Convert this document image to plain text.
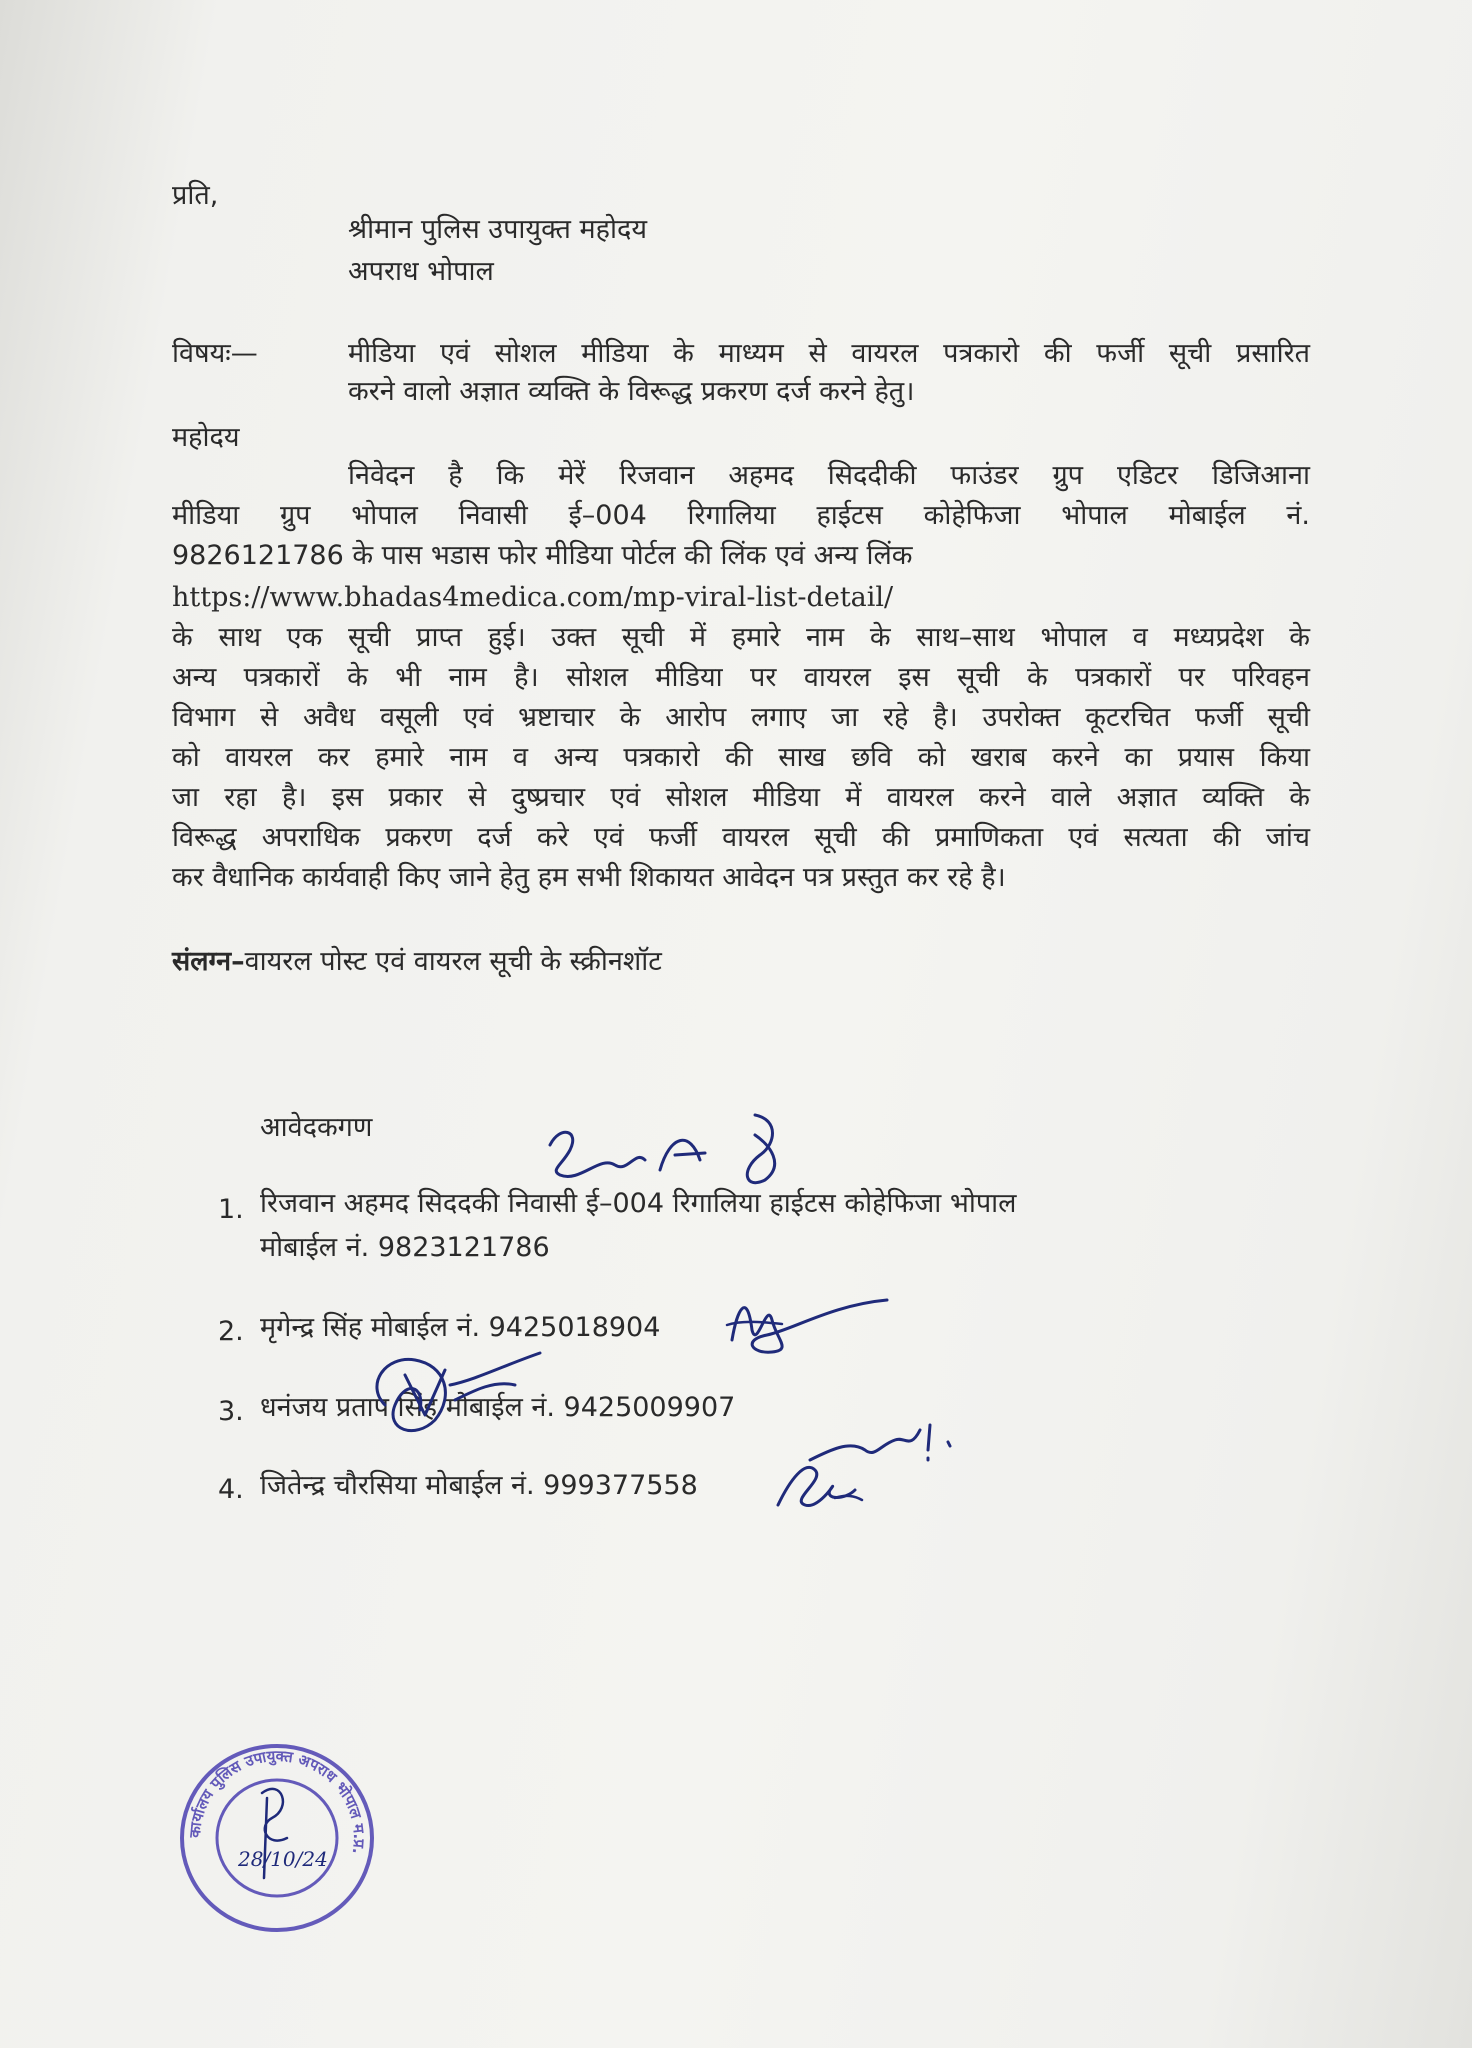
प्रति,
श्रीमान पुलिस उपायुक्त महोदय
अपराध भोपाल
विषयः—	मीडिया एवं सोशल मीडिया के माध्यम से वायरल पत्रकारो की फर्जी सूची प्रसारित
करने वालो अज्ञात व्यक्ति के विरूद्ध प्रकरण दर्ज करने हेतु।
महोदय
निवेदन है कि मेरें रिजवान अहमद सिददीकी फाउंडर ग्रुप एडिटर डिजिआना
मीडिया ग्रुप भोपाल निवासी ई–004 रिगालिया हाईटस कोहेफिजा भोपाल मोबाईल नं.
9826121786 के पास भडास फोर मीडिया पोर्टल की लिंक एवं अन्य लिंक
https://www.bhadas4medica.com/mp-viral-list-detail/
के साथ एक सूची प्राप्त हुई। उक्त सूची में हमारे नाम के साथ–साथ भोपाल व मध्यप्रदेश के
अन्य पत्रकारों के भी नाम है। सोशल मीडिया पर वायरल इस सूची के पत्रकारों पर परिवहन
विभाग से अवैध वसूली एवं भ्रष्टाचार के आरोप लगाए जा रहे है। उपरोक्त कूटरचित फर्जी सूची
को वायरल कर हमारे नाम व अन्य पत्रकारो की साख छवि को खराब करने का प्रयास किया
जा रहा है। इस प्रकार से दुष्प्रचार एवं सोशल मीडिया में वायरल करने वाले अज्ञात व्यक्ति के
विरूद्ध अपराधिक प्रकरण दर्ज करे एवं फर्जी वायरल सूची की प्रमाणिकता एवं सत्यता की जांच
कर वैधानिक कार्यवाही किए जाने हेतु हम सभी शिकायत आवेदन पत्र प्रस्तुत कर रहे है।
संलग्न–वायरल पोस्ट एवं वायरल सूची के स्क्रीनशॉट
आवेदकगण
1. रिजवान अहमद सिददकी निवासी ई–004 रिगालिया हाईटस कोहेफिजा भोपाल
मोबाईल नं. 9823121786
2. मृगेन्द्र सिंह मोबाईल नं. 9425018904
3. धनंजय प्रताप सिंह मोबाईल नं. 9425009907
4. जितेन्द्र चौरसिया मोबाईल नं. 999377558
कार्यालय पुलिस उपायुक्त अपराध भोपाल म.प्र.
28/10/24
